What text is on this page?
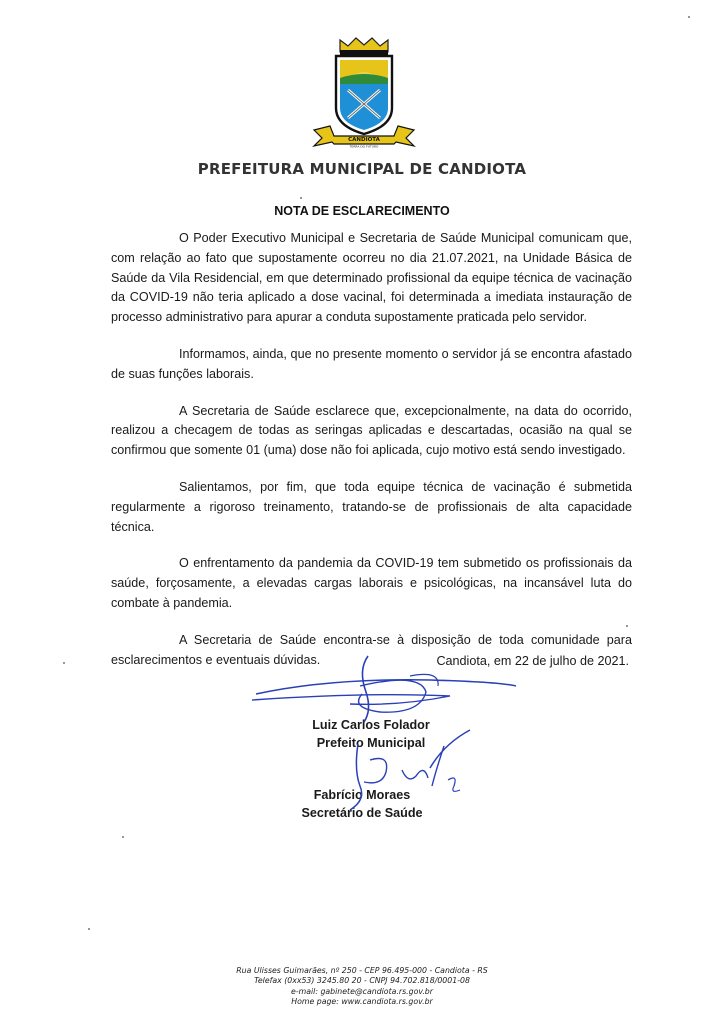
CANDIOTA
TERRA DO FUTURO
PREFEITURA MUNICIPAL DE CANDIOTA
NOTA DE ESCLARECIMENTO

O Poder Executivo Municipal e Secretaria de Saúde Municipal comunicam que, com relação ao fato que supostamente ocorreu no dia 21.07.2021, na Unidade Básica de Saúde da Vila Residencial, em que determinado profissional da equipe técnica de vacinação da COVID-19 não teria aplicado a dose vacinal, foi determinada a imediata instauração de processo administrativo para apurar a conduta supostamente praticada pelo servidor.

Informamos, ainda, que no presente momento o servidor já se encontra afastado de suas funções laborais.

A Secretaria de Saúde esclarece que, excepcionalmente, na data do ocorrido, realizou a checagem de todas as seringas aplicadas e descartadas, ocasião na qual se confirmou que somente 01 (uma) dose não foi aplicada, cujo motivo está sendo investigado.

Salientamos, por fim, que toda equipe técnica de vacinação é submetida regularmente a rigoroso treinamento, tratando-se de profissionais de alta capacidade técnica.

O enfrentamento da pandemia da COVID-19 tem submetido os profissionais da saúde, forçosamente, a elevadas cargas laborais e psicológicas, na incansável luta do combate à pandemia.

A Secretaria de Saúde encontra-se à disposição de toda comunidade para esclarecimentos e eventuais dúvidas.	Candiota, em 22 de julho de 2021.
Luiz Carlos Folador
Prefeito Municipal
Fabrício Moraes
Secretário de Saúde
Rua Ulisses Guimarães, nº 250 - CEP 96.495-000 - Candiota - RS
Telefax (0xx53) 3245.80 20 - CNPJ 94.702.818/0001-08
e-mail: gabinete@candiota.rs.gov.br
Home page: www.candiota.rs.gov.br
